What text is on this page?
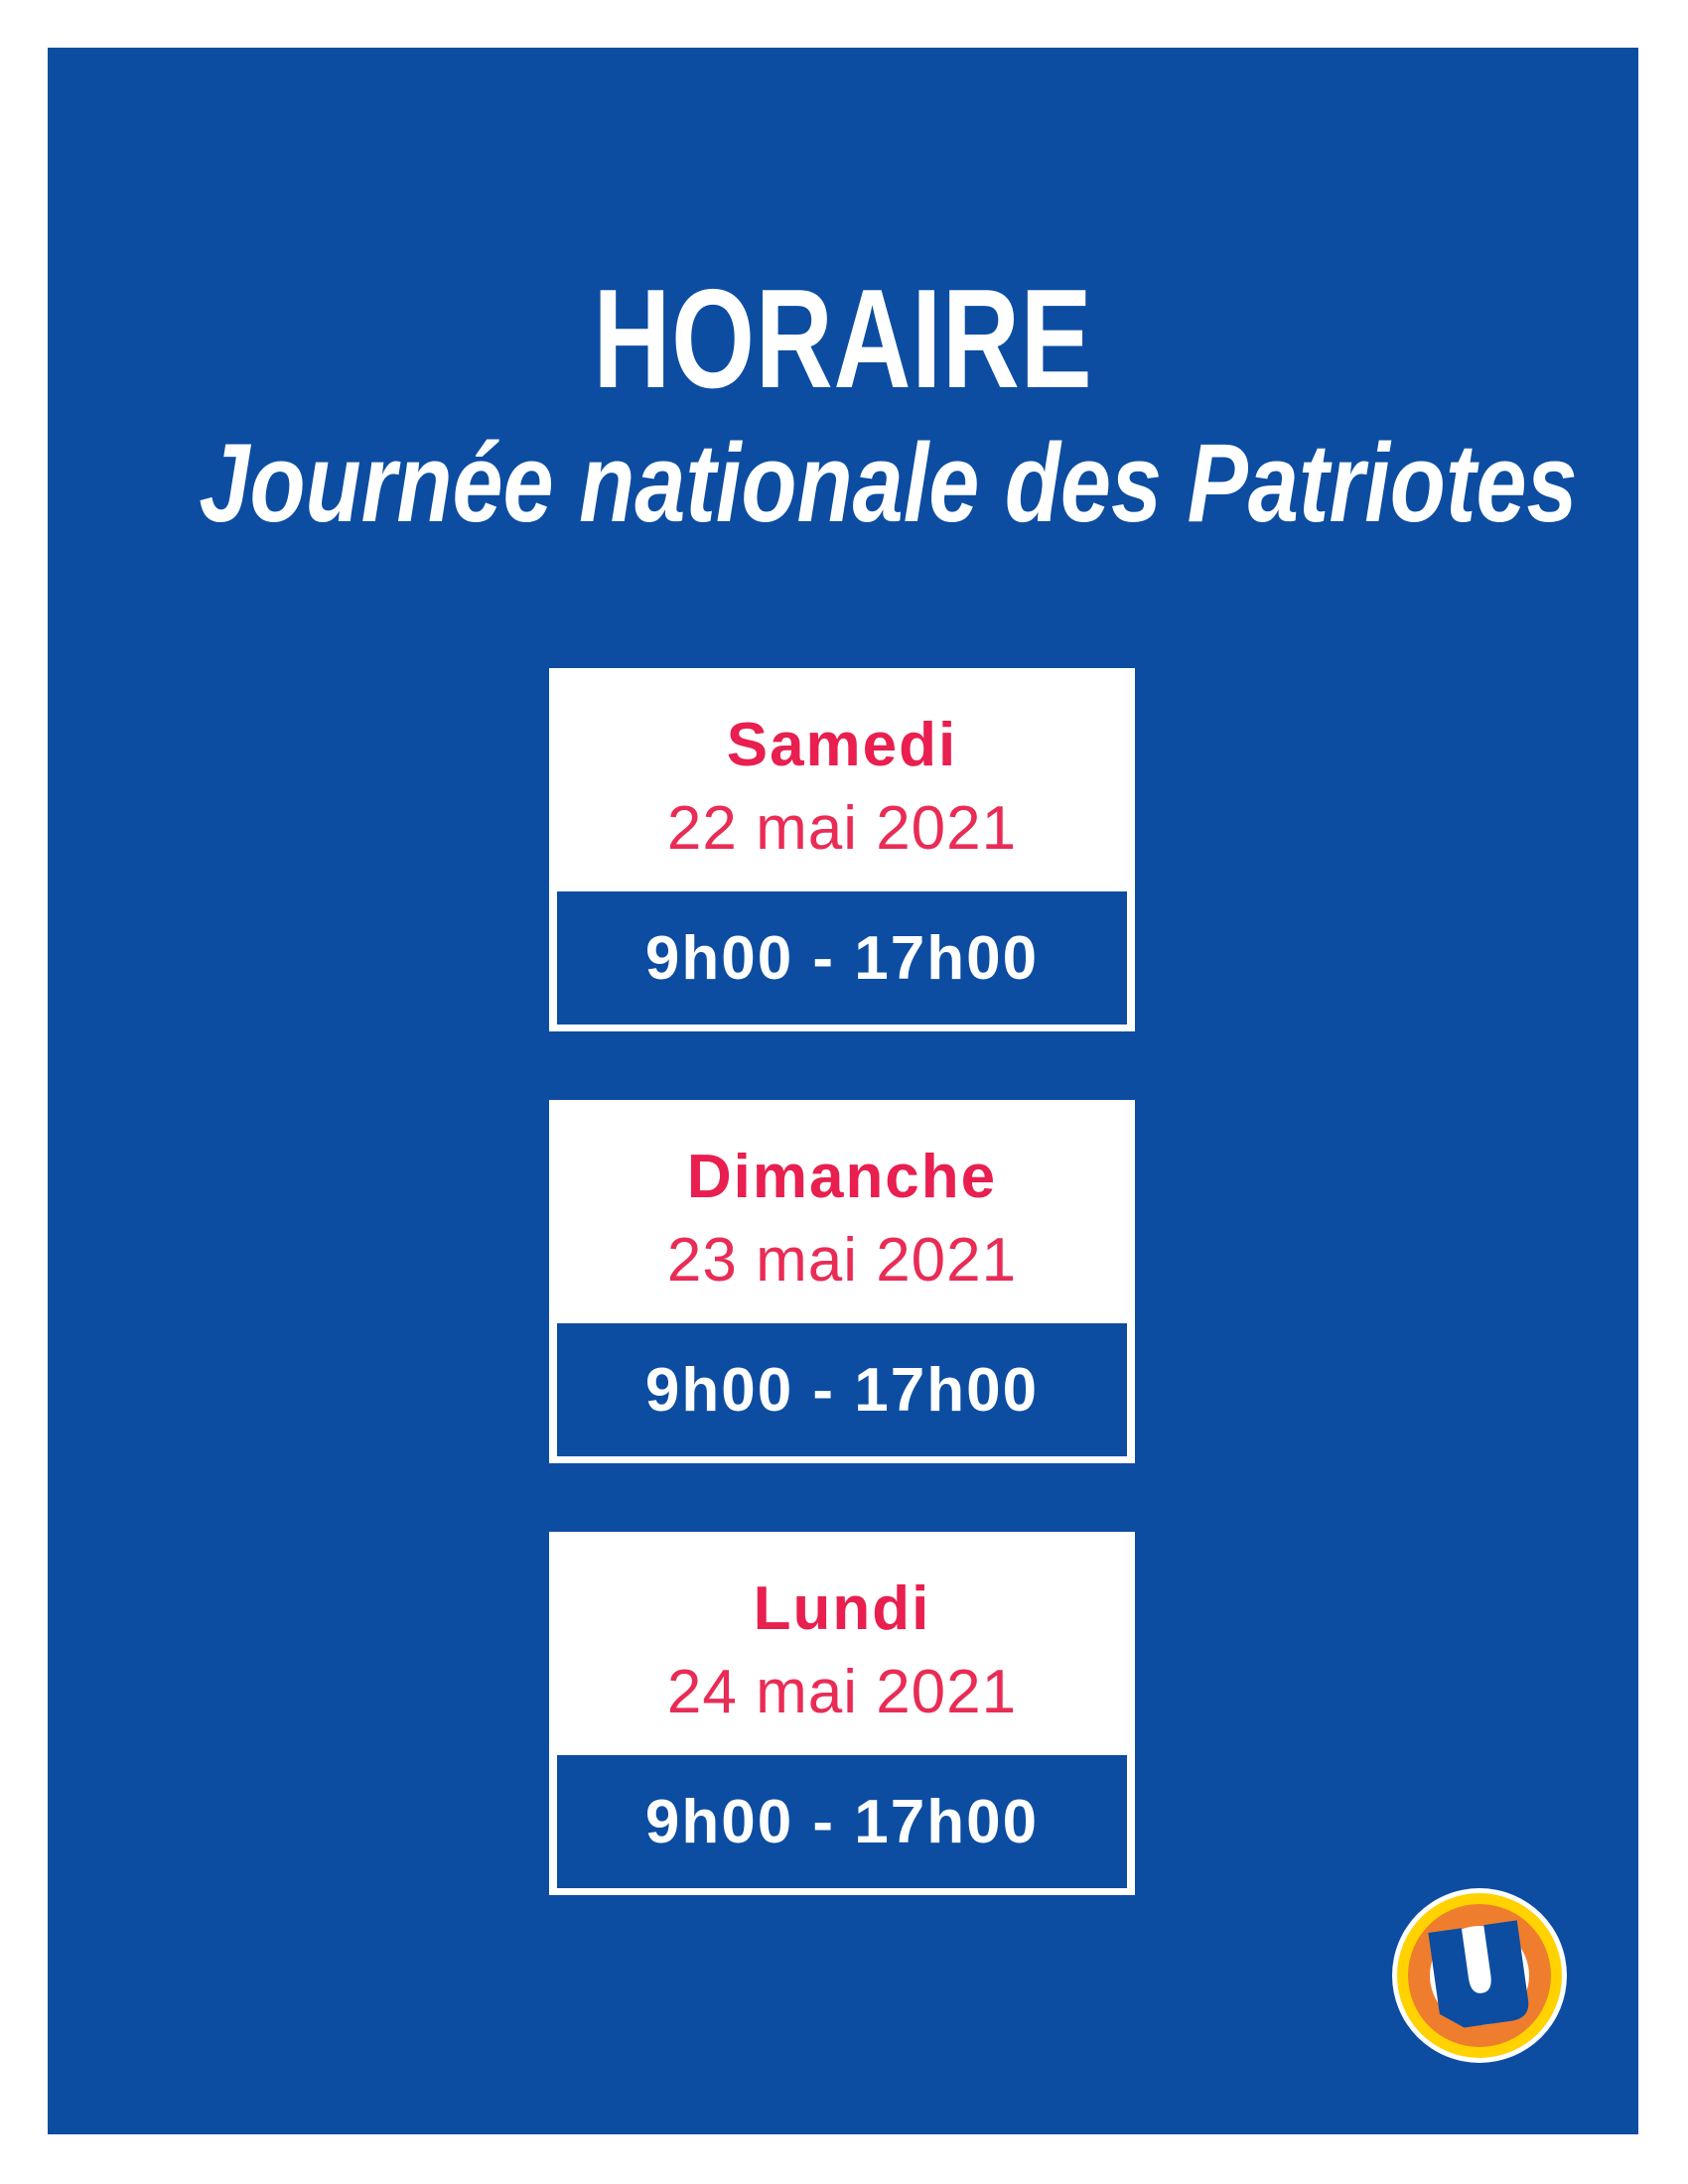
HORAIRE
Journée nationale des Patriotes
Samedi
22 mai 2021
9h00 - 17h00
Dimanche
23 mai 2021
9h00 - 17h00
Lundi
24 mai 2021
9h00 - 17h00
